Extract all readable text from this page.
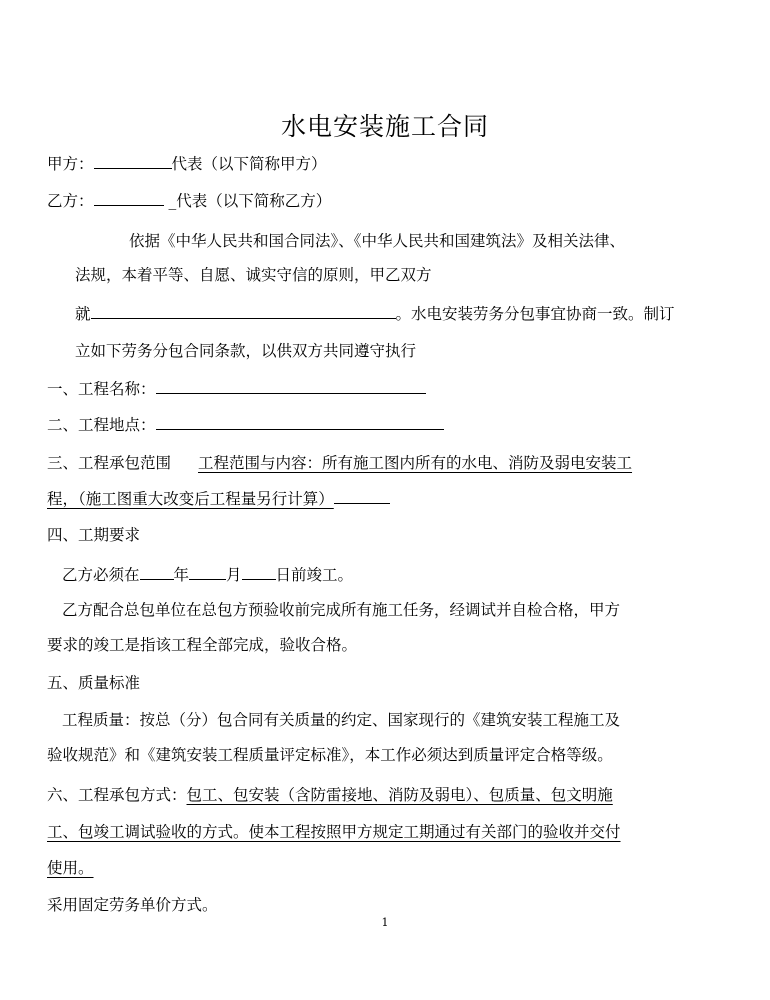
水电安装施工合同
甲方：	代表（以下简称甲方）
乙方：	_代表（以下简称乙方）
依据《中华人民共和国合同法》、《中华人民共和国建筑法》及相关法律、
法规，本着平等、自愿、诚实守信的原则，甲乙双方
就	。水电安装劳务分包事宜协商一致。制订
立如下劳务分包合同条款，以供双方共同遵守执行
一、工程名称：
二、工程地点：
三、工程承包范围 工程范围与内容：所有施工图内所有的水电、消防及弱电安装工
程，（施工图重大改变后工程量另行计算）
四、工期要求
乙方必须在 年 月 日前竣工。
乙方配合总包单位在总包方预验收前完成所有施工任务，经调试并自检合格，甲方
要求的竣工是指该工程全部完成，验收合格。
五、质量标准
工程质量：按总（分）包合同有关质量的约定、国家现行的《建筑安装工程施工及
验收规范》和《建筑安装工程质量评定标准》，本工作必须达到质量评定合格等级。
六、工程承包方式：包工、包安装（含防雷接地、消防及弱电）、包质量、包文明施
工、包竣工调试验收的方式。使本工程按照甲方规定工期通过有关部门的验收并交付
使用。
采用固定劳务单价方式。
1
